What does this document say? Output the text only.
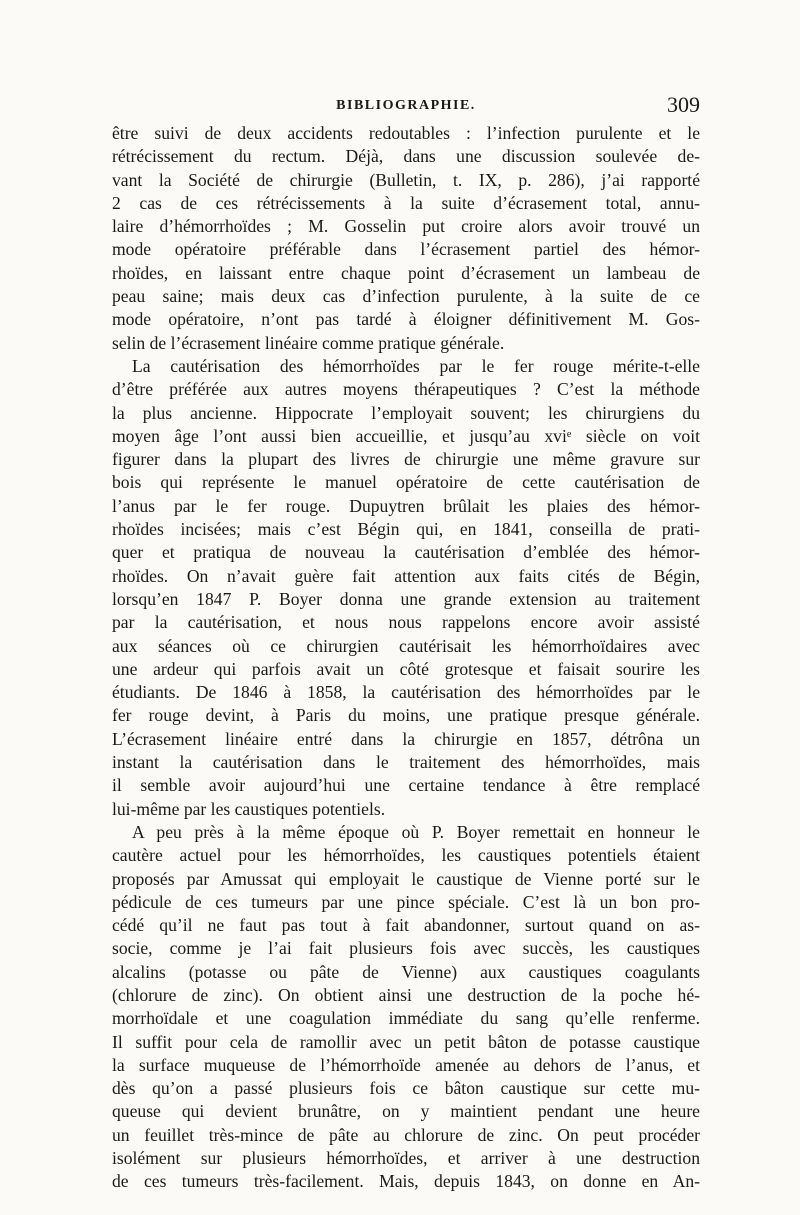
BIBLIOGRAPHIE.	309
être suivi de deux accidents redoutables : l’infection purulente et le
rétrécissement du rectum. Déjà, dans une discussion soulevée de-
vant la Société de chirurgie (Bulletin, t. IX, p. 286), j’ai rapporté
2 cas de ces rétrécissements à la suite d’écrasement total, annu-
laire d’hémorrhoïdes ; M. Gosselin put croire alors avoir trouvé un
mode opératoire préférable dans l’écrasement partiel des hémor-
rhoïdes, en laissant entre chaque point d’écrasement un lambeau de
peau saine; mais deux cas d’infection purulente, à la suite de ce
mode opératoire, n’ont pas tardé à éloigner définitivement M. Gos-
selin de l’écrasement linéaire comme pratique générale.
La cautérisation des hémorrhoïdes par le fer rouge mérite-t-elle
d’être préférée aux autres moyens thérapeutiques ? C’est la méthode
la plus ancienne. Hippocrate l’employait souvent; les chirurgiens du
moyen âge l’ont aussi bien accueillie, et jusqu’au xviᵉ siècle on voit
figurer dans la plupart des livres de chirurgie une même gravure sur
bois qui représente le manuel opératoire de cette cautérisation de
l’anus par le fer rouge. Dupuytren brûlait les plaies des hémor-
rhoïdes incisées; mais c’est Bégin qui, en 1841, conseilla de prati-
quer et pratiqua de nouveau la cautérisation d’emblée des hémor-
rhoïdes. On n’avait guère fait attention aux faits cités de Bégin,
lorsqu’en 1847 P. Boyer donna une grande extension au traitement
par la cautérisation, et nous nous rappelons encore avoir assisté
aux séances où ce chirurgien cautérisait les hémorrhoïdaires avec
une ardeur qui parfois avait un côté grotesque et faisait sourire les
étudiants. De 1846 à 1858, la cautérisation des hémorrhoïdes par le
fer rouge devint, à Paris du moins, une pratique presque générale.
L’écrasement linéaire entré dans la chirurgie en 1857, détrôna un
instant la cautérisation dans le traitement des hémorrhoïdes, mais
il semble avoir aujourd’hui une certaine tendance à être remplacé
lui-même par les caustiques potentiels.
A peu près à la même époque où P. Boyer remettait en honneur le
cautère actuel pour les hémorrhoïdes, les caustiques potentiels étaient
proposés par Amussat qui employait le caustique de Vienne porté sur le
pédicule de ces tumeurs par une pince spéciale. C’est là un bon pro-
cédé qu’il ne faut pas tout à fait abandonner, surtout quand on as-
socie, comme je l’ai fait plusieurs fois avec succès, les caustiques
alcalins (potasse ou pâte de Vienne) aux caustiques coagulants
(chlorure de zinc). On obtient ainsi une destruction de la poche hé-
morrhoïdale et une coagulation immédiate du sang qu’elle renferme.
Il suffit pour cela de ramollir avec un petit bâton de potasse caustique
la surface muqueuse de l’hémorrhoïde amenée au dehors de l’anus, et
dès qu’on a passé plusieurs fois ce bâton caustique sur cette mu-
queuse qui devient brunâtre, on y maintient pendant une heure
un feuillet très-mince de pâte au chlorure de zinc. On peut procéder
isolément sur plusieurs hémorrhoïdes, et arriver à une destruction
de ces tumeurs très-facilement. Mais, depuis 1843, on donne en An-
